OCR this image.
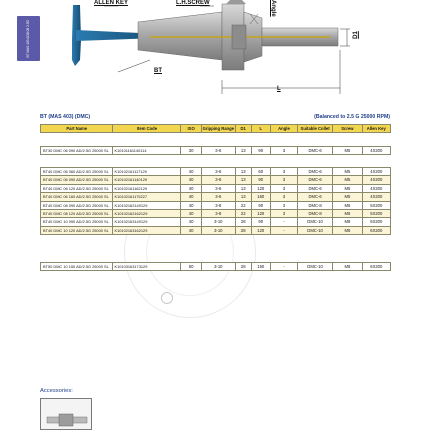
BT MAS 403 ADB 06 2.5G
ALLEN KEY	L.H.SCREW	Angle
D1
BT
L
BT (MAS 403) (DMC)	(Balanced to 2.5 G 25000 RPM)
Part Name	Item Code	ISO	Gripping Range	D1	L	Angle	Suitable Collet	Screw	Allen Key
BT30 DMC 06 090 AD/2.5G 25000 SL	K10101161140114	30	3-6	13	90	3	DMC-6	M5	4X200
BT40 DMC 06 060 AD/2.5G 25000 SL	K10102161117129	40	3-6	13	60	3	DMC-6	M5	4X200
BT40 DMC 06 090 AD/2.5G 25000 SL	K10102161140129	40	3-6	13	90	3	DMC-6	M5	4X200
BT40 DMC 06 120 AD/2.5G 25000 SL	K10102161162129	40	3-6	13	120	3	DMC-6	M5	4X200
BT40 DMC 06 160 AD/2.5G 25000 SL	K10102161175227	40	3-6	13	160	3	DMC-6	M5	4X200
BT40 DMC 08 090 AD/2.5G 25000 SL	K10102162140129	40	3-8	22	90	3	DMC-8	M6	5X200
BT40 DMC 08 120 AD/2.5G 25000 SL	K10102162162129	40	3-8	22	120	3	DMC-8	M6	5X200
BT40 DMC 10 090 AD/2.5G 25000 SL	K10102163140129	40	3-10	28	90	-	DMC-10	M8	6X200
BT40 DMC 10 120 AD/2.5G 25000 SL	K10102163162129	40	3-10	28	120	-	DMC-10	M8	6X200
BT50 DMC 10 150 AD/2.5G 25000 SL	K10103163173129	50	3-10	28	150	-	DMC-10	M8	6X200
Accessories:
